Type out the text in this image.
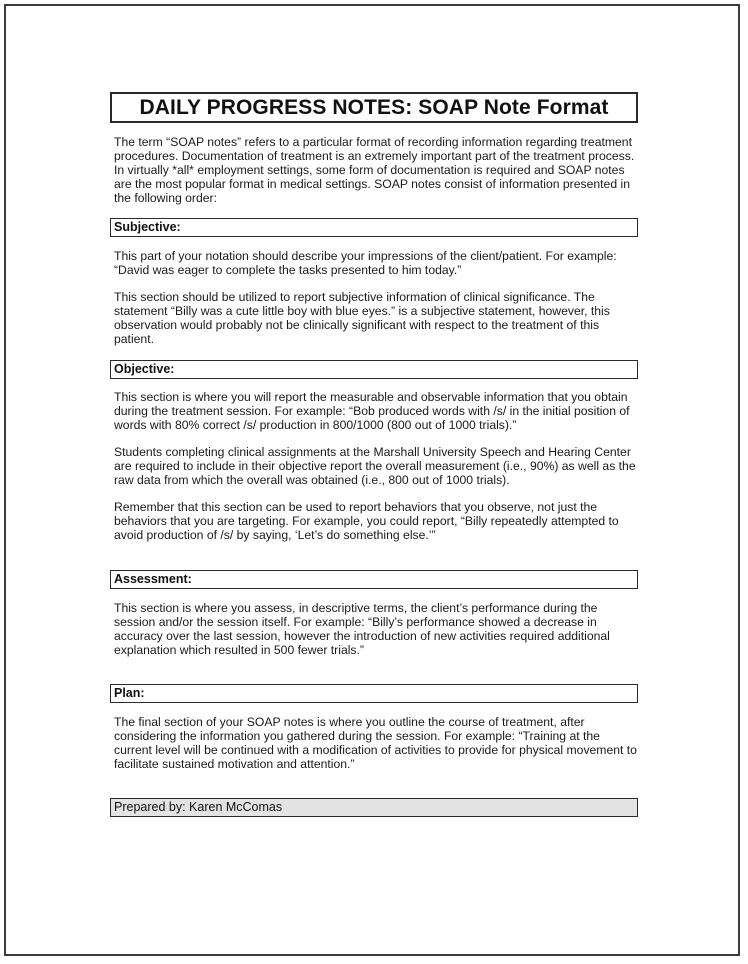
DAILY PROGRESS NOTES: SOAP Note Format

The term “SOAP notes” refers to a particular format of recording information regarding treatment procedures. Documentation of treatment is an extremely important part of the treatment process. In virtually *all* employment settings, some form of documentation is required and SOAP notes are the most popular format in medical settings. SOAP notes consist of information presented in the following order:

Subjective:

This part of your notation should describe your impressions of the client/patient. For example: “David was eager to complete the tasks presented to him today.”

This section should be utilized to report subjective information of clinical significance. The statement “Billy was a cute little boy with blue eyes.” is a subjective statement, however, this observation would probably not be clinically significant with respect to the treatment of this patient.

Objective:

This section is where you will report the measurable and observable information that you obtain during the treatment session. For example: “Bob produced words with /s/ in the initial position of words with 80% correct /s/ production in 800/1000 (800 out of 1000 trials).”

Students completing clinical assignments at the Marshall University Speech and Hearing Center are required to include in their objective report the overall measurement (i.e., 90%) as well as the raw data from which the overall was obtained (i.e., 800 out of 1000 trials).

Remember that this section can be used to report behaviors that you observe, not just the behaviors that you are targeting. For example, you could report, “Billy repeatedly attempted to avoid production of /s/ by saying, ‘Let’s do something else.’”

Assessment:

This section is where you assess, in descriptive terms, the client’s performance during the session and/or the session itself. For example: “Billy’s performance showed a decrease in accuracy over the last session, however the introduction of new activities required additional explanation which resulted in 500 fewer trials.”

Plan:

The final section of your SOAP notes is where you outline the course of treatment, after considering the information you gathered during the session. For example: “Training at the current level will be continued with a modification of activities to provide for physical movement to facilitate sustained motivation and attention.”

Prepared by: Karen McComas
